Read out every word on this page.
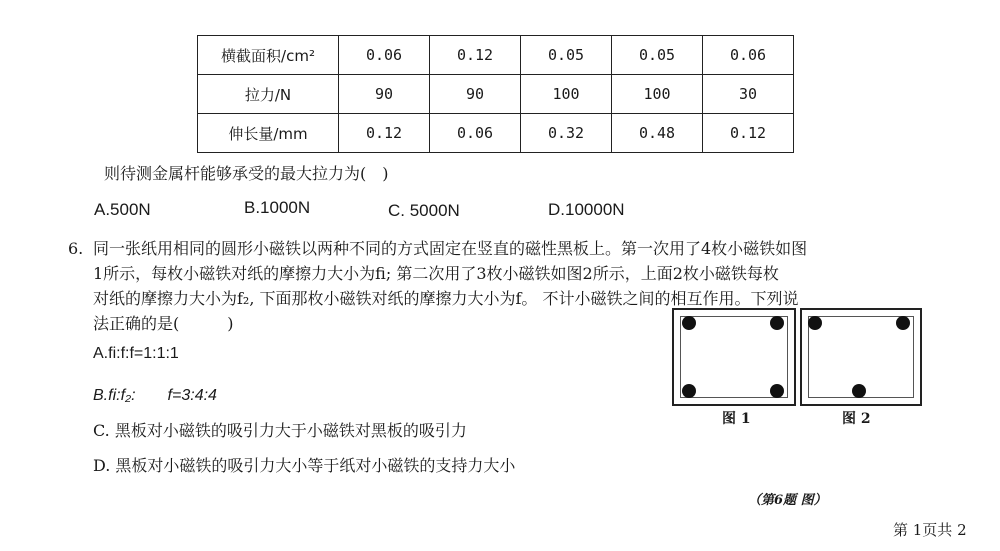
横截面积/cm²	0.06	0.12	0.05	0.05	0.06
拉力/N	90	90	100	100	30
伸长量/mm	0.12	0.06	0.32	0.48	0.12
则待测金属杆能够承受的最大拉力为(　)
A.500N	B.1000N	C. 5000N	D.10000N
6. 同一张纸用相同的圆形小磁铁以两种不同的方式固定在竖直的磁性黑板上。第一次用了4枚小磁铁如图
1所示，每枚小磁铁对纸的摩擦力大小为fi; 第二次用了3枚小磁铁如图2所示，上面2枚小磁铁每枚
对纸的摩擦力大小为f₂, 下面那枚小磁铁对纸的摩擦力大小为f。 不计小磁铁之间的相互作用。下列说
法正确的是(　　　)
A.fi:f:f=1:1:1
B.fi:f₂:　　f=3:4:4
C. 黑板对小磁铁的吸引力大于小磁铁对黑板的吸引力
D. 黑板对小磁铁的吸引力大小等于纸对小磁铁的支持力大小
图 1	图 2
（第6题 图）
第 1页共 2
